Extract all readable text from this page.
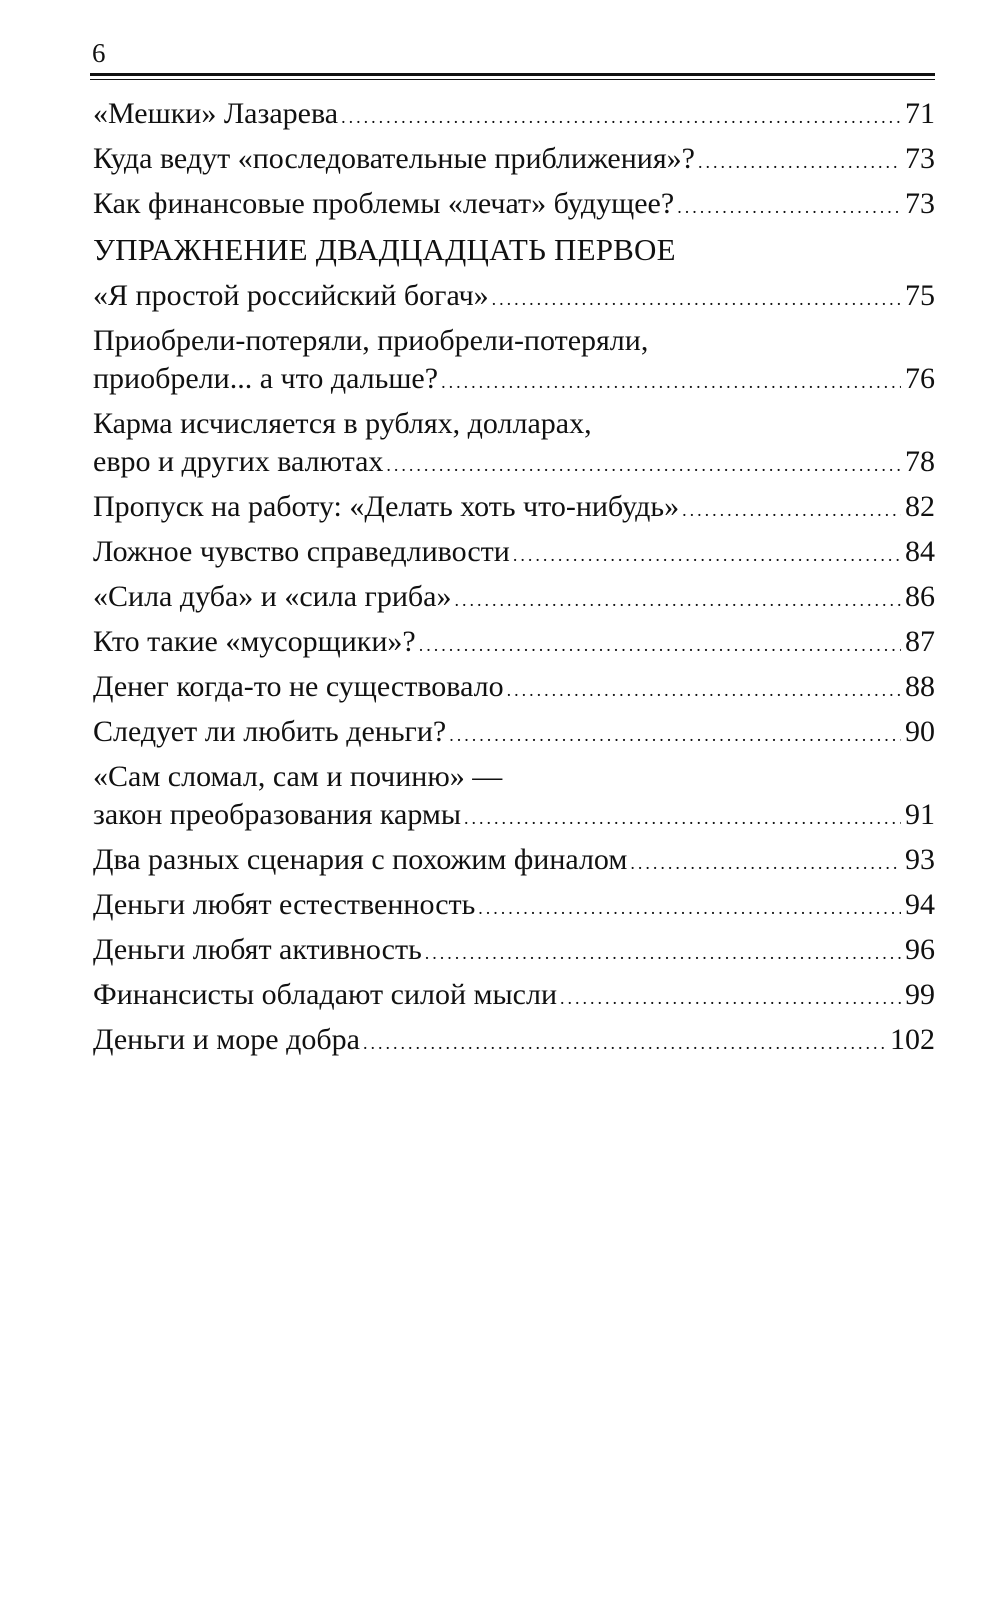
6
«Мешки» Лазарева .....	71
Куда ведут «последовательные приближения»? .....	73
Как финансовые проблемы «лечат» будущее? .....	73
УПРАЖНЕНИЕ ДВАДЦАДЦАТЬ ПЕРВОЕ
«Я простой российский богач» .....	75
Приобрели-потеряли, приобрели-потеряли,
приобрели... а что дальше? .....	76
Карма исчисляется в рублях, долларах,
евро и других валютах .....	78
Пропуск на работу: «Делать хоть что-нибудь» .....	82
Ложное чувство справедливости .....	84
«Сила дуба» и «сила гриба» .....	86
Кто такие «мусорщики»? .....	87
Денег когда-то не существовало .....	88
Следует ли любить деньги? .....	90
«Сам сломал, сам и починю» —
закон преобразования кармы .....	91
Два разных сценария с похожим финалом .....	93
Деньги любят естественность .....	94
Деньги любят активность .....	96
Финансисты обладают силой мысли .....	99
Деньги и море добра .....	102
